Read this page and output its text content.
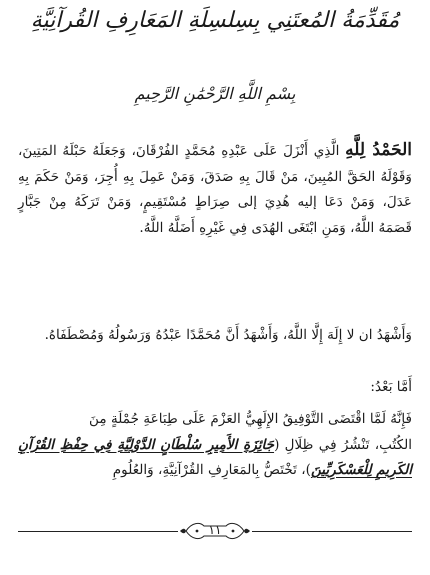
مُقَدِّمَةُ المُعتَنِي بِسِلسِلَةِ المَعَارِفِ القُرآنِيَّةِ
بِسْمِ اللَّهِ الرَّحْمَٰنِ الرَّحِيمِ
الحَمْدُ لِلَّهِ الَّذِي أَنْزَلَ عَلَى عَبْدِهِ مُحَمَّدٍ الفُرْقَانَ، وَجَعَلَهُ حَبْلَهُ المَتِينَ، وَقَوْلَهُ الحَقَّ المُبِينَ، مَنْ قَالَ بِهِ صَدَقَ، وَمَنْ عَمِلَ بِهِ أُجِرَ، وَمَنْ حَكَمَ بِهِ عَدَلَ، وَمَنْ دَعَا إليه هُدِيَ إلى صِرَاطٍ مُسْتَقِيمٍ، وَمَنْ تَرَكَهُ مِنْ جَبَّارٍ قَصَمَهُ اللَّهُ، وَمَنِ ابْتَغَى الهُدَى فِي غَيْرِهِ أَضَلَّهُ اللَّهُ.
وَأَشْهَدُ ان لا إِلَهَ إِلَّا اللَّهُ، وَأَشْهَدُ أَنَّ مُحَمَّدًا عَبْدُهُ وَرَسُولُهُ وَمُصْطَفَاهُ.
أَمَّا بَعْدُ:
فَإِنَّهُ لَمَّا اقْتَضَى التَّوْفِيقُ الإِلَهِيُّ العَزْمَ عَلَى طِبَاعَةِ جُمْلَةٍ مِنَ
الكُتُبِ، تَنْشُرُ فِي ظِلَالِ (جَائِزَةِ الأَمِيرِ سُلْطَانٍ الدَّوْلِيَّةِ فِي حِفْظِ القُرْآنِ الكَرِيمِ لِلْعَسْكَرِيِّينَ)، تَخْتَصُّ بِالمَعَارِفِ القُرْآنِيَّةِ، وَالعُلُومِ
١١
